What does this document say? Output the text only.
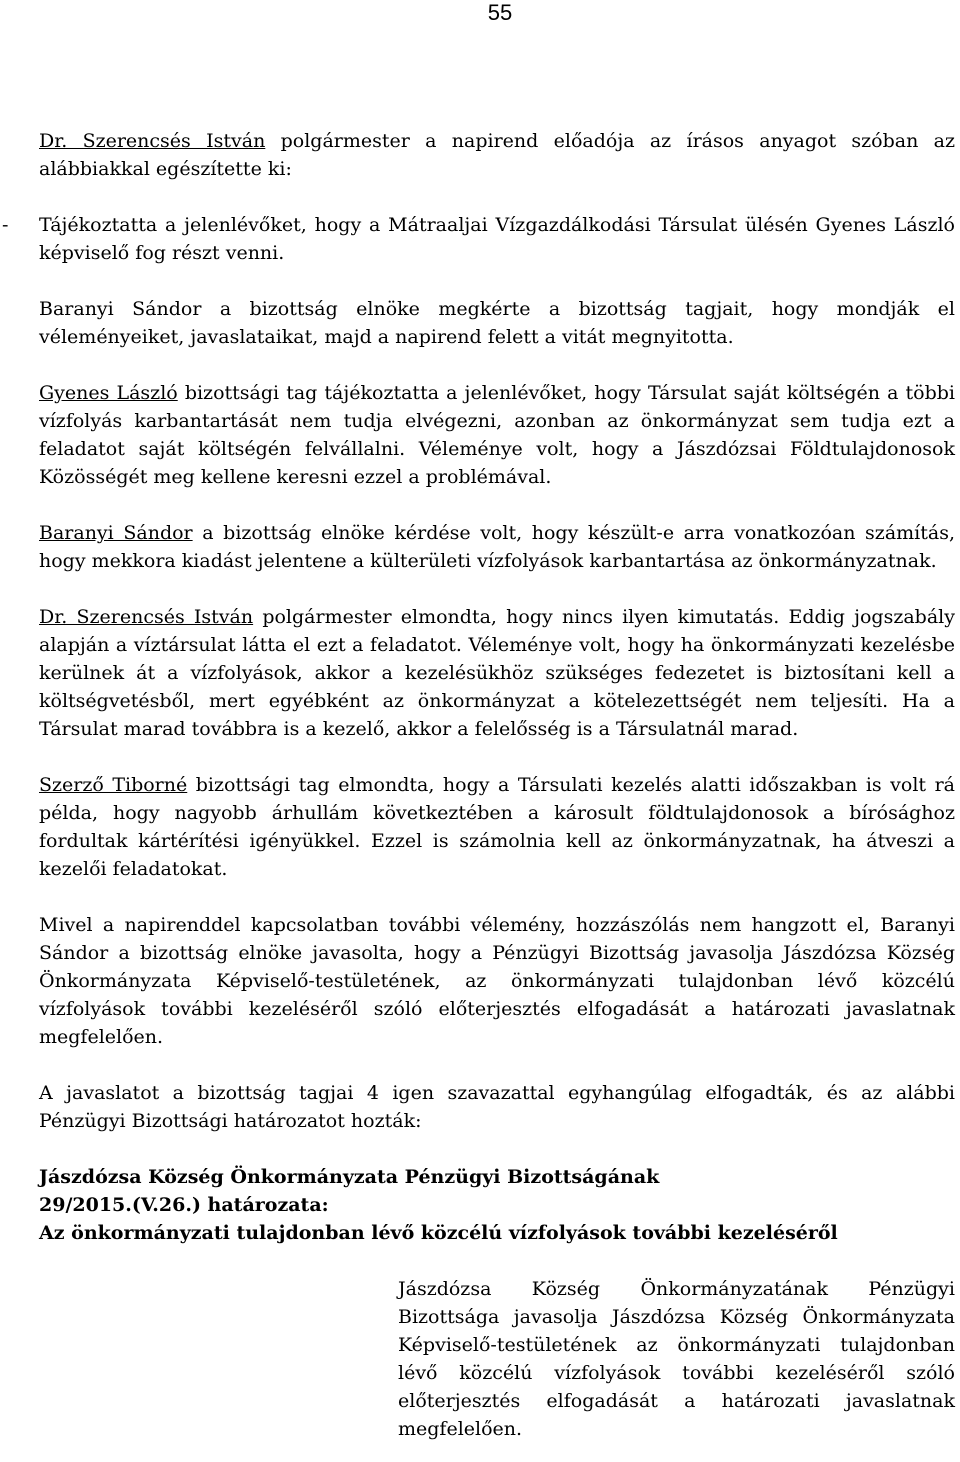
55

Dr. Szerencsés István polgármester a napirend előadója az írásos anyagot szóban az alábbiakkal egészítette ki:

- Tájékoztatta a jelenlévőket, hogy a Mátraaljai Vízgazdálkodási Társulat ülésén Gyenes László képviselő fog részt venni.

Baranyi Sándor a bizottság elnöke megkérte a bizottság tagjait, hogy mondják el véleményeiket, javaslataikat, majd a napirend felett a vitát megnyitotta.

Gyenes László bizottsági tag tájékoztatta a jelenlévőket, hogy Társulat saját költségén a többi vízfolyás karbantartását nem tudja elvégezni, azonban az önkormányzat sem tudja ezt a feladatot saját költségén felvállalni. Véleménye volt, hogy a Jászdózsai Földtulajdonosok Közösségét meg kellene keresni ezzel a problémával.

Baranyi Sándor a bizottság elnöke kérdése volt, hogy készült-e arra vonatkozóan számítás, hogy mekkora kiadást jelentene a külterületi vízfolyások karbantartása az önkormányzatnak.

Dr. Szerencsés István polgármester elmondta, hogy nincs ilyen kimutatás. Eddig jogszabály alapján a víztársulat látta el ezt a feladatot. Véleménye volt, hogy ha önkormányzati kezelésbe kerülnek át a vízfolyások, akkor a kezelésükhöz szükséges fedezetet is biztosítani kell a költségvetésből, mert egyébként az önkormányzat a kötelezettségét nem teljesíti. Ha a Társulat marad továbbra is a kezelő, akkor a felelősség is a Társulatnál marad.

Szerző Tiborné bizottsági tag elmondta, hogy a Társulati kezelés alatti időszakban is volt rá példa, hogy nagyobb árhullám következtében a károsult földtulajdonosok a bírósághoz fordultak kártérítési igényükkel. Ezzel is számolnia kell az önkormányzatnak, ha átveszi a kezelői feladatokat.

Mivel a napirenddel kapcsolatban további vélemény, hozzászólás nem hangzott el, Baranyi Sándor a bizottság elnöke javasolta, hogy a Pénzügyi Bizottság javasolja Jászdózsa Község Önkormányzata Képviselő-testületének, az önkormányzati tulajdonban lévő közcélú vízfolyások további kezeléséről szóló előterjesztés elfogadását a határozati javaslatnak megfelelően.

A javaslatot a bizottság tagjai 4 igen szavazattal egyhangúlag elfogadták, és az alábbi Pénzügyi Bizottsági határozatot hozták:

Jászdózsa Község Önkormányzata Pénzügyi Bizottságának

29/2015.(V.26.) határozata:

Az önkormányzati tulajdonban lévő közcélú vízfolyások további kezeléséről

Jászdózsa Község Önkormányzatának Pénzügyi Bizottsága javasolja Jászdózsa Község Önkormányzata Képviselő-testületének az önkormányzati tulajdonban lévő közcélú vízfolyások további kezeléséről szóló előterjesztés elfogadását a határozati javaslatnak megfelelően.
